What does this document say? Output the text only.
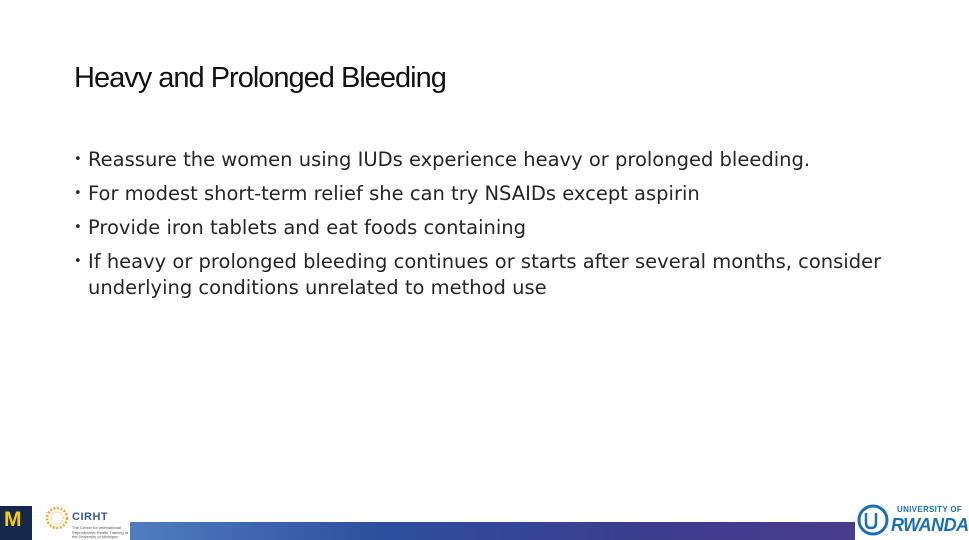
Heavy and Prolonged Bleeding
• Reassure the women using IUDs experience heavy or prolonged bleeding.
• For modest short-term relief she can try NSAIDs except aspirin
• Provide iron tablets and eat foods containing
• If heavy or prolonged bleeding continues or starts after several months, consider underlying conditions unrelated to method use
M	CIRHT
The Center for International Reproductive Health Training at the University of Michigan
UNIVERSITY OF
RWANDA
